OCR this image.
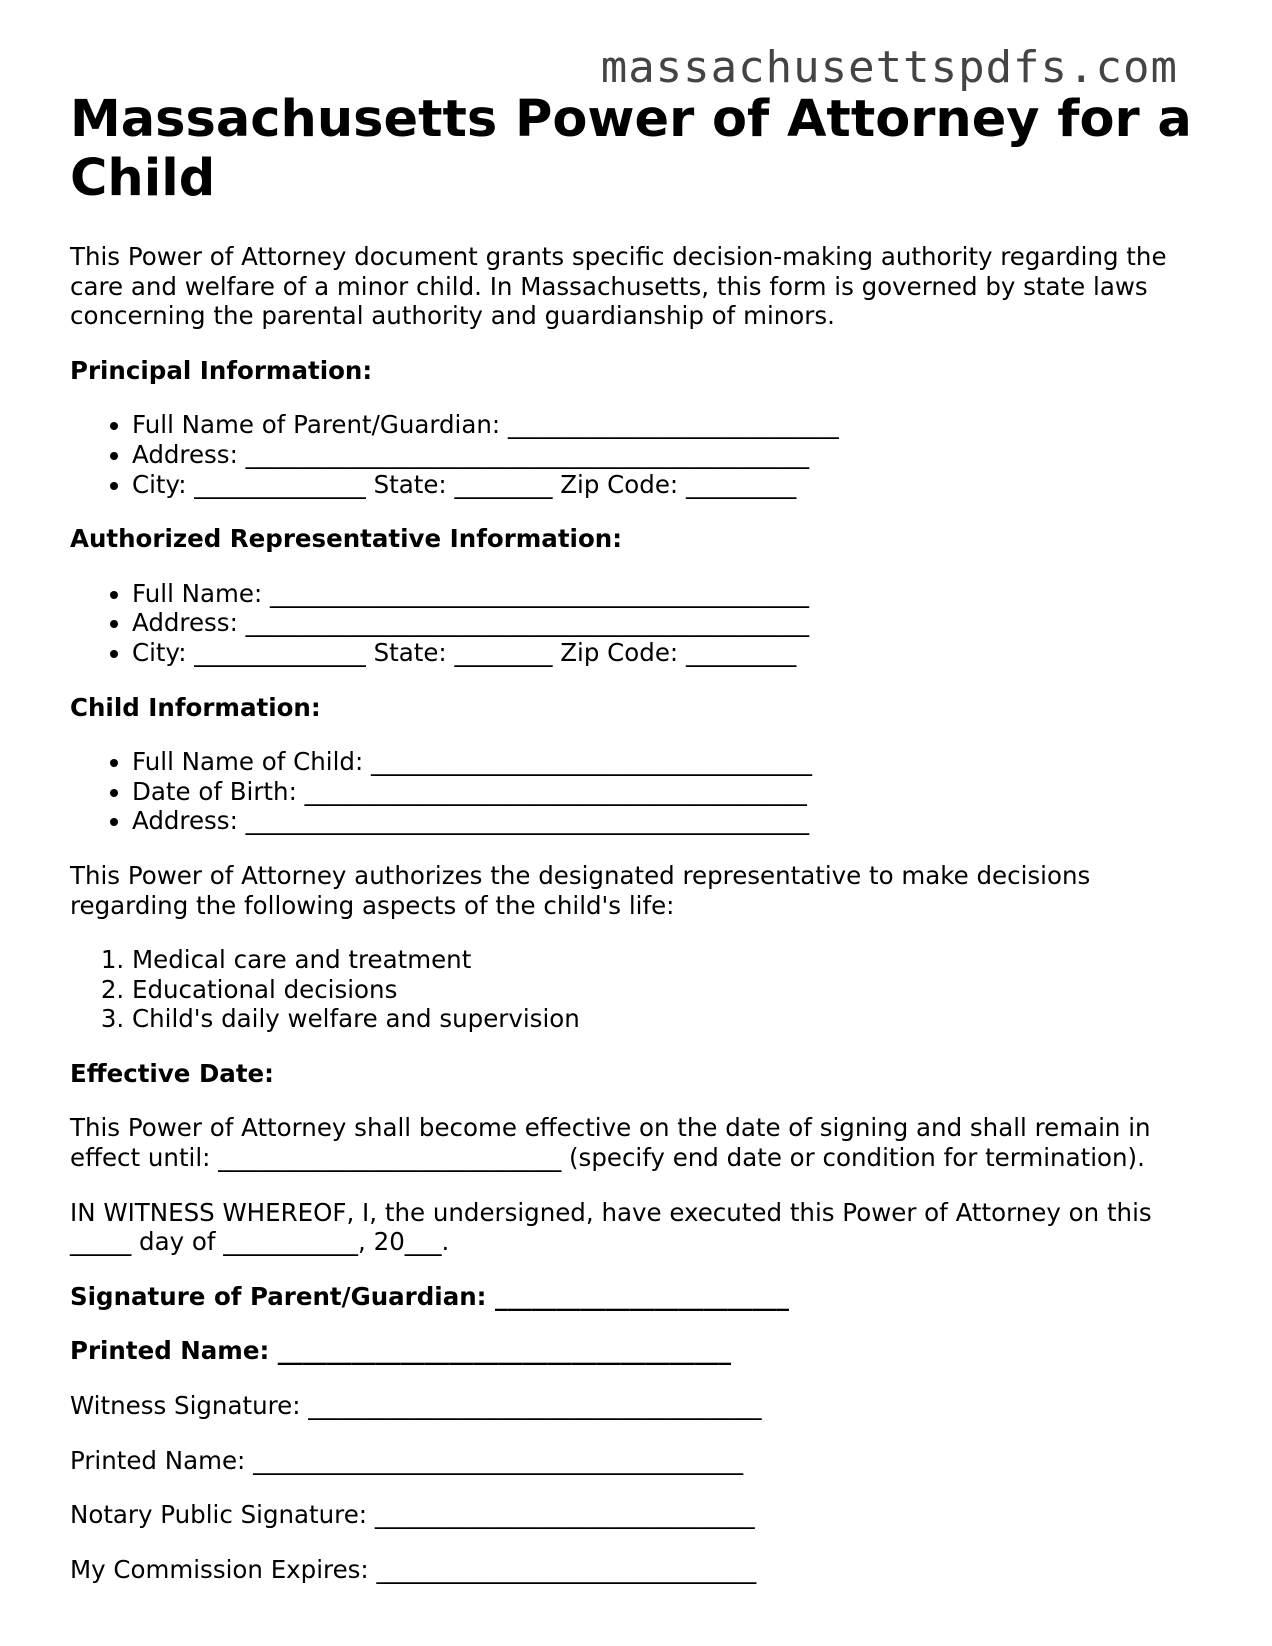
massachusettspdfs.com
Massachusetts Power of Attorney for a Child

This Power of Attorney document grants specific decision-making authority regarding the care and welfare of a minor child. In Massachusetts, this form is governed by state laws concerning the parental authority and guardianship of minors.

Principal Information:
• Full Name of Parent/Guardian: ___________________________
• Address: ______________________________________________
• City: ______________ State: ________ Zip Code: _________
Authorized Representative Information:
• Full Name: ____________________________________________
• Address: ______________________________________________
• City: ______________ State: ________ Zip Code: _________
Child Information:
• Full Name of Child: ____________________________________
• Date of Birth: _________________________________________
• Address: ______________________________________________

This Power of Attorney authorizes the designated representative to make decisions regarding the following aspects of the child's life:

1. Medical care and treatment
2. Educational decisions
3. Child's daily welfare and supervision
Effective Date:

This Power of Attorney shall become effective on the date of signing and shall remain in effect until: ____________________________ (specify end date or condition for termination).

IN WITNESS WHEREOF, I, the undersigned, have executed this Power of Attorney on this _____ day of ___________, 20___.

Signature of Parent/Guardian: ________________________

Printed Name: _____________________________________

Witness Signature: _____________________________________

Printed Name: ________________________________________

Notary Public Signature: _______________________________

My Commission Expires: _______________________________
